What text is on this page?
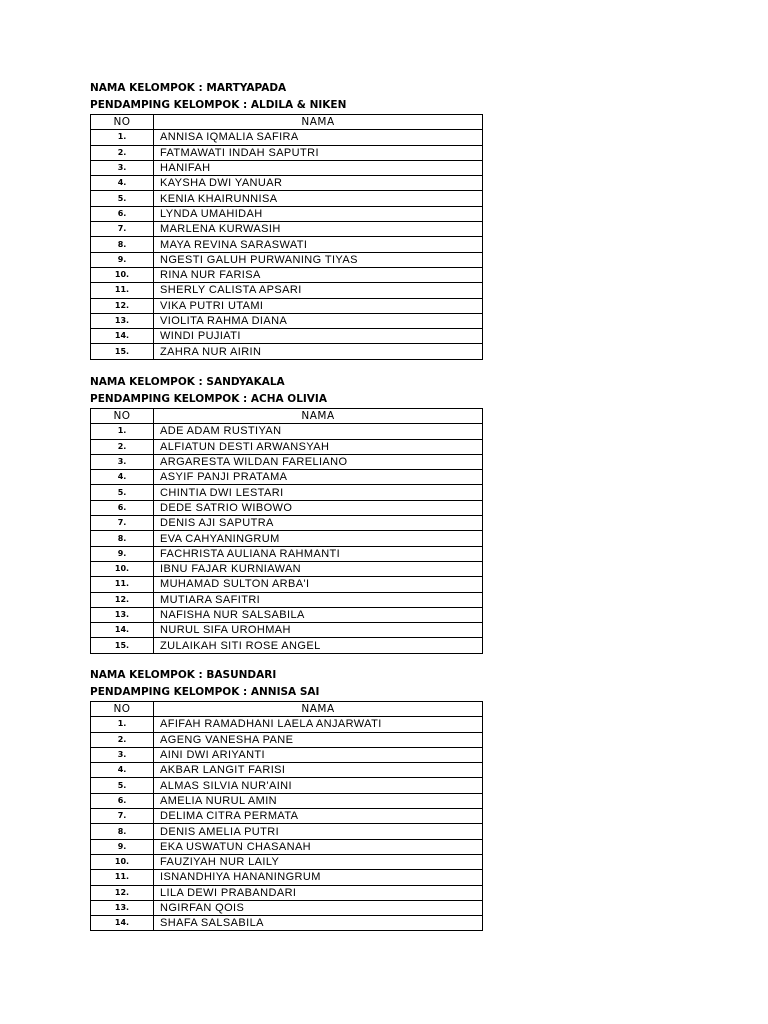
NAMA KELOMPOK : MARTYAPADA
PENDAMPING KELOMPOK : ALDILA & NIKEN
NO	NAMA
1.	ANNISA IQMALIA SAFIRA
2.	FATMAWATI INDAH SAPUTRI
3.	HANIFAH
4.	KAYSHA DWI YANUAR
5.	KENIA KHAIRUNNISA
6.	LYNDA UMAHIDAH
7.	MARLENA KURWASIH
8.	MAYA REVINA SARASWATI
9.	NGESTI GALUH PURWANING TIYAS
10.	RINA NUR FARISA
11.	SHERLY CALISTA APSARI
12.	VIKA PUTRI UTAMI
13.	VIOLITA RAHMA DIANA
14.	WINDI PUJIATI
15.	ZAHRA NUR AIRIN
NAMA KELOMPOK : SANDYAKALA
PENDAMPING KELOMPOK : ACHA OLIVIA
NO	NAMA
1.	ADE ADAM RUSTIYAN
2.	ALFIATUN DESTI ARWANSYAH
3.	ARGARESTA WILDAN FARELIANO
4.	ASYIF PANJI PRATAMA
5.	CHINTIA DWI LESTARI
6.	DEDE SATRIO WIBOWO
7.	DENIS AJI SAPUTRA
8.	EVA CAHYANINGRUM
9.	FACHRISTA AULIANA RAHMANTI
10.	IBNU FAJAR KURNIAWAN
11.	MUHAMAD SULTON ARBA'I
12.	MUTIARA SAFITRI
13.	NAFISHA NUR SALSABILA
14.	NURUL SIFA UROHMAH
15.	ZULAIKAH SITI ROSE ANGEL
NAMA KELOMPOK : BASUNDARI
PENDAMPING KELOMPOK : ANNISA SAI
NO	NAMA
1.	AFIFAH RAMADHANI LAELA ANJARWATI
2.	AGENG VANESHA PANE
3.	AINI DWI ARIYANTI
4.	AKBAR LANGIT FARISI
5.	ALMAS SILVIA NUR'AINI
6.	AMELIA NURUL AMIN
7.	DELIMA CITRA PERMATA
8.	DENIS AMELIA PUTRI
9.	EKA USWATUN CHASANAH
10.	FAUZIYAH NUR LAILY
11.	ISNANDHIYA HANANINGRUM
12.	LILA DEWI PRABANDARI
13.	NGIRFAN QOIS
14.	SHAFA SALSABILA
